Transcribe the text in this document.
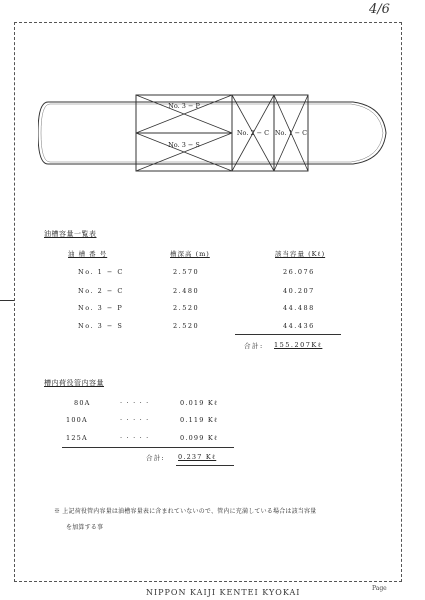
4/6
No. 3 − P
No. 3 − S
No. 2 − C No. 1 − C
油槽容量一覧表
油 槽 番 号	槽深高 (m)	該当容量 (Kℓ)
No. 1 − C	2.570	26.076
No. 2 − C	2.480	40.207
No. 3 − P	2.520	44.488
No. 3 − S	2.520	44.436
合計: 155.207Kℓ
槽内荷役管内容量
80A	· · · · ·	0.019 Kℓ
100A	· · · · ·	0.119 Kℓ
125A	· · · · ·	0.099 Kℓ
合計: 0.237 Kℓ
※ 上記荷役管内容量は油槽容量表に含まれていないので、管内に充満している場合は該当容量
を加算する事
NIPPON KAIJI KENTEI KYOKAI	Page
